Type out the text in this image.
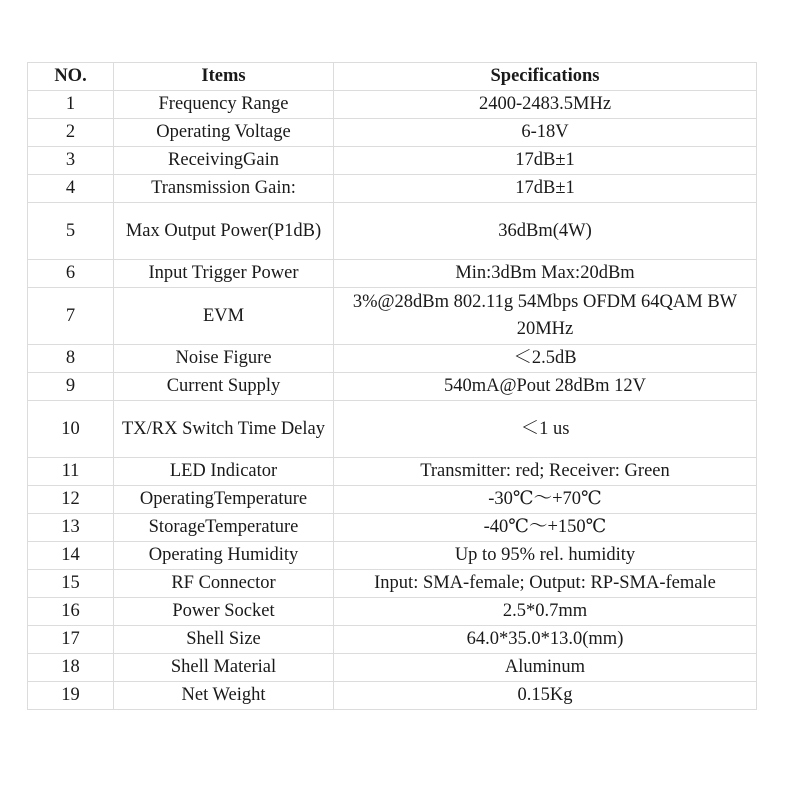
NO.	Items	Specifications
1	Frequency Range	2400-2483.5MHz
2	Operating Voltage	6-18V
3	ReceivingGain	17dB±1
4	Transmission Gain:	17dB±1
5	Max Output Power(P1dB)	36dBm(4W)
6	Input Trigger Power	Min:3dBm Max:20dBm
7	EVM	3%@28dBm 802.11g 54Mbps OFDM 64QAM BW 20MHz
8	Noise Figure	＜2.5dB
9	Current Supply	540mA@Pout 28dBm 12V
10	TX/RX Switch Time Delay	＜1 us
11	LED Indicator	Transmitter: red; Receiver: Green
12	OperatingTemperature	-30℃～+70℃
13	StorageTemperature	-40℃～+150℃
14	Operating Humidity	Up to 95% rel. humidity
15	RF Connector	Input: SMA-female; Output: RP-SMA-female
16	Power Socket	2.5*0.7mm
17	Shell Size	64.0*35.0*13.0(mm)
18	Shell Material	Aluminum
19	Net Weight	0.15Kg
